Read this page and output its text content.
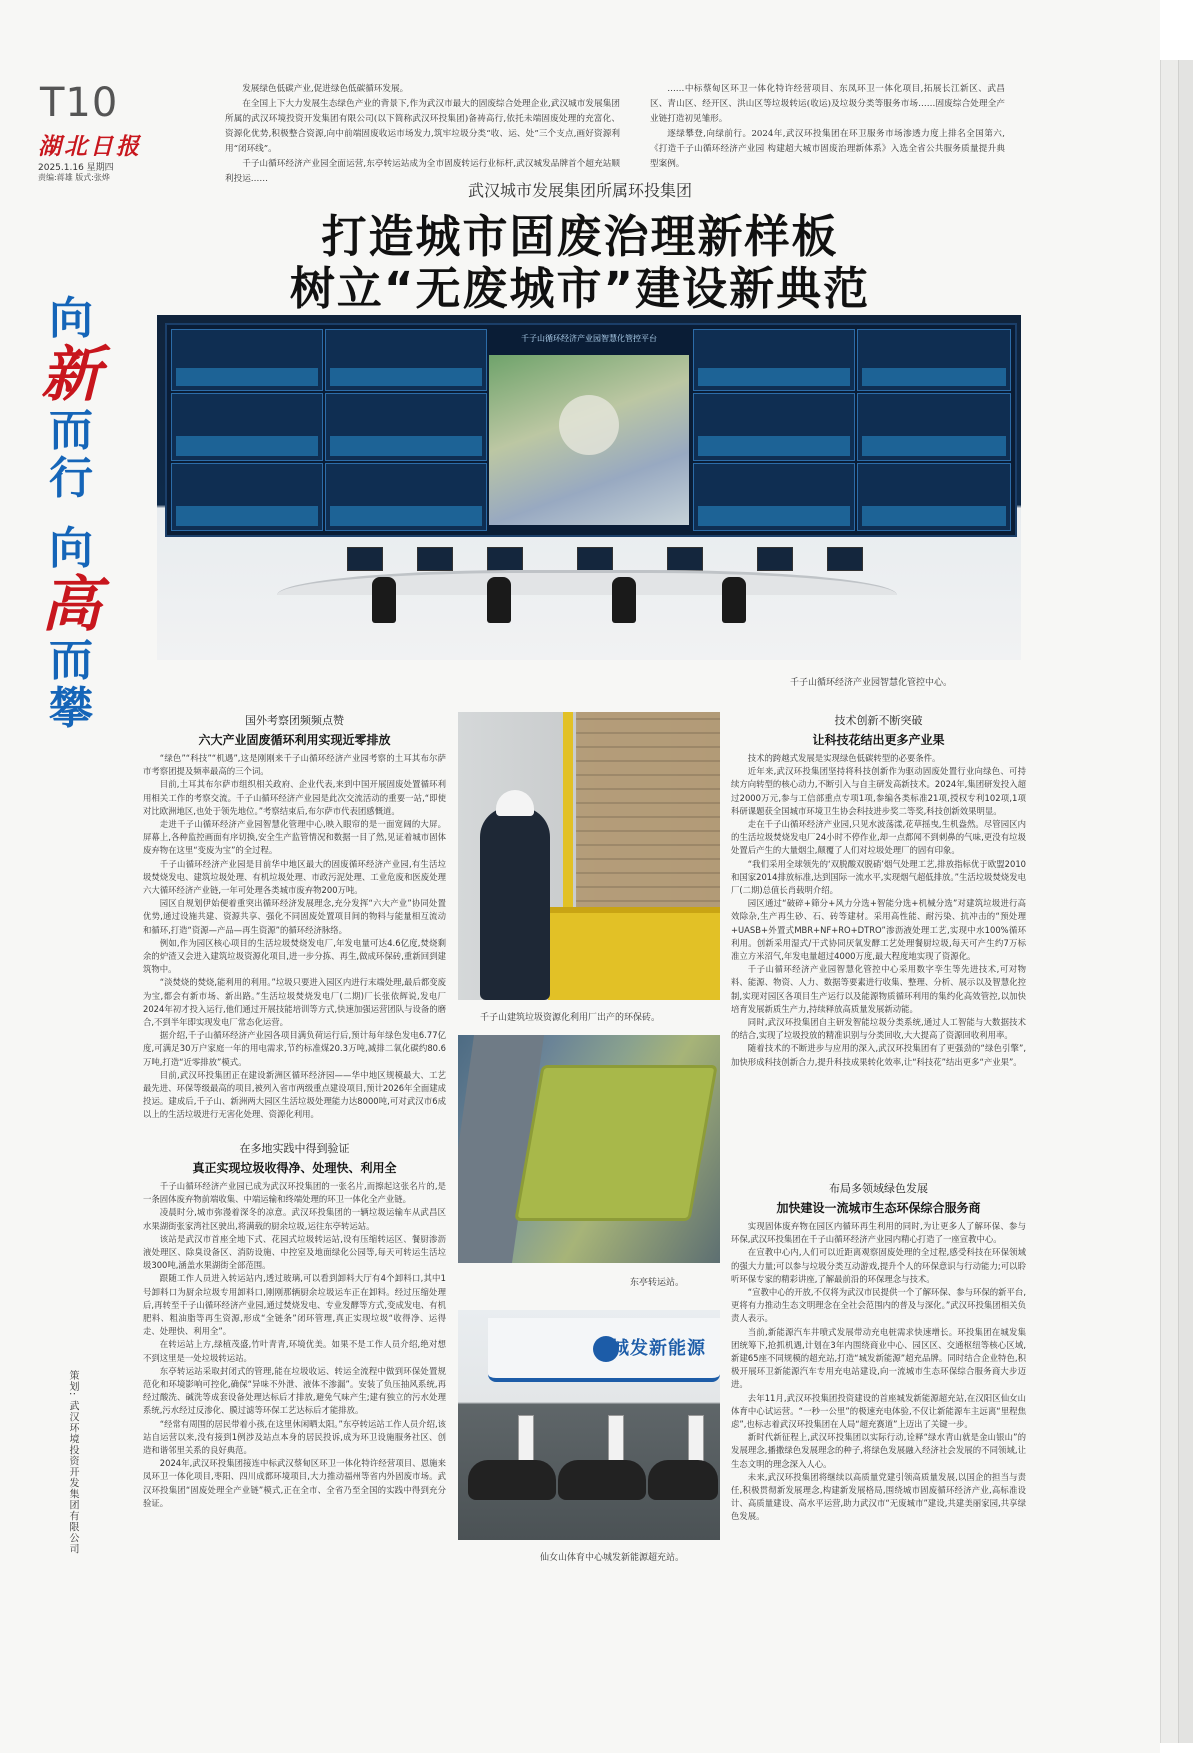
T10
湖北日报
2025.1.16 星期四
责编:蒋雄 版式:张烨
向
新
而
行
向
高
而
攀
策划: 武汉环境投资开发集团有限公司

发展绿色低碳产业,促进绿色低碳循环发展。

在全国上下大力发展生态绿色产业的背景下,作为武汉市最大的固废综合处理企业,武汉城市发展集团所属的武汉环境投资开发集团有限公司(以下简称武汉环投集团)备祷高行,依托未端固废处理的充富化、资源化优势,积极整合资源,向中前端固废收运市场发力,筑牢垃圾分类“收、运、处”三个支点,画好资源利用“闭环线”。

千子山循环经济产业园全面运营,东亭转运站成为全市固废转运行业标杆,武汉城发品牌首个超充站顺利投运……

……中标蔡甸区环卫一体化特许经营项目、东凤环卫一体化项目,拓展长江新区、武昌区、青山区、经开区、洪山区等垃圾转运(收运)及垃圾分类等服务市场……固废综合处理全产业链打造初见雏形。

逐绿攀登,向绿前行。2024年,武汉环投集团在环卫服务市场渗透力度上排名全国第六,《打造千子山循环经济产业园 构建超大城市固废治理新体系》入选全省公共服务质量提升典型案例。

武汉城市发展集团所属环投集团
打造城市固废治理新样板
树立“无废城市”建设新典范
千子山循环经济产业园智慧化管控平台
千子山循环经济产业园智慧化管控中心。
国外考察团频频点赞
六大产业固废循环利用实现近零排放

“绿色”“科技”“机遇”,这是刚刚来千子山循环经济产业园考察的土耳其布尔萨市考察团提及频率最高的三个词。

目前,土耳其布尔萨市组织相关政府、企业代表,来到中国开展固废处置循环利用相关工作的考察交流。千子山循环经济产业园是此次交流活动的重要一站,“即使对比欧洲地区,也处于领先地位。”考察结束后,布尔萨市代表团感慨道。

走进千子山循环经济产业园智慧化管理中心,映入眼帘的是一面宽阔的大屏。屏幕上,各种监控画面有序切换,安全生产监管情况和数据一目了然,见证着城市固体废弃物在这里“变废为宝”的全过程。

千子山循环经济产业园是目前华中地区最大的固废循环经济产业园,有生活垃圾焚烧发电、建筑垃圾处理、有机垃圾处理、市政污泥处理、工业危废和医废处理六大循环经济产业链,一年可处理各类城市废弃物200万吨。

园区自规划伊始便着重突出循环经济发展理念,充分发挥“六大产业”协同处置优势,通过设施共建、资源共享、强化不同固废处置项目间的物料与能量相互流动和循环,打造“资源—产品—再生资源”的循环经济脉络。

例如,作为园区核心项目的生活垃圾焚烧发电厂,年发电量可达4.6亿度,焚烧剩余的炉渣又会进入建筑垃圾资源化项目,进一步分拣、再生,做成环保砖,重新回到建筑物中。

“淡焚烧的焚烧,能利用的利用。”垃圾只要进入园区内进行末端处理,最后都变废为宝,都会有新市场、新出路。”生活垃圾焚烧发电厂(二期)厂长张依辉说,发电厂2024年初才投入运行,他们通过开展技能培训等方式,快速加强运营团队与设备的磨合,不到半年即实现发电厂常态化运营。

据介绍,千子山循环经济产业园各项目满负荷运行后,预计每年绿色发电6.77亿度,可满足30万户家庭一年的用电需求,节约标准煤20.3万吨,减排二氧化碳约80.6万吨,打造“近零排放”模式。

目前,武汉环投集团正在建设新洲区循环经济园——华中地区规模最大、工艺最先进、环保等级最高的项目,被列入省市两级重点建设项目,预计2026年全面建成投运。建成后,千子山、新洲两大园区生活垃圾处理能力达8000吨,可对武汉市6成以上的生活垃圾进行无害化处理、资源化利用。

在多地实践中得到验证
真正实现垃圾收得净、处理快、利用全

千子山循环经济产业园已成为武汉环投集团的一张名片,而擦起这张名片的,是一条固体废弃物前端收集、中端运输和终端处理的环卫一体化全产业链。

凌晨时分,城市弥漫着深冬的凉意。武汉环投集团的一辆垃圾运输车从武昌区水果湖街张家湾社区驶出,将满载的厨余垃圾,运往东亭转运站。

该站是武汉市首座全地下式、花园式垃圾转运站,设有压缩转运区、餐厨渗沥液处理区、除臭设备区、消防设施、中控室及地面绿化公园等,每天可转运生活垃圾300吨,涵盖水果湖街全部范围。

跟随工作人员进入转运站内,透过玻璃,可以看到卸料大厅有4个卸料口,其中1号卸料口为厨余垃圾专用卸料口,刚刚那辆厨余垃圾运车正在卸料。经过压缩处理后,再转至千子山循环经济产业园,通过焚烧发电、专业发酵等方式,变成发电、有机肥料、粗油脂等再生资源,形成“全链条”闭环管理,真正实现垃圾“收得净、运得走、处理快、利用全”。

在转运站上方,绿植茂盛,竹叶青青,环境优美。如果不是工作人员介绍,绝对想不到这里是一处垃圾转运站。

东亭转运站采取封闭式的管理,能在垃圾收运、转运全流程中做到环保处置规范化和环境影响可控化,确保“异味不外泄、液体不渗漏”。安装了负压抽风系统,再经过酸洗、碱洗等成套设备处理达标后才排放,避免气味产生;建有独立的污水处理系统,污水经过反渗化、膜过滤等环保工艺达标后才能排放。

“经常有周围的居民带着小孩,在这里休闲晒太阳。”东亭转运站工作人员介绍,该站自运营以来,没有接到1例涉及站点本身的居民投诉,成为环卫设施服务社区、创造和谐邻里关系的良好典范。

2024年,武汉环投集团接连中标武汉蔡甸区环卫一体化特许经营项目、恩施来凤环卫一体化项目,枣阳、四川成都环境项目,大力推动福州等省内外固废市场。武汉环投集团“固废处理全产业链”模式,正在全市、全省乃至全国的实践中得到充分验证。

千子山建筑垃圾资源化利用厂出产的环保砖。
东亭转运站。
城发新能源
仙女山体育中心城发新能源超充站。
技术创新不断突破
让科技花结出更多产业果

技术的跨越式发展是实现绿色低碳转型的必要条件。

近年来,武汉环投集团坚持将科技创新作为驱动固废处置行业向绿色、可持续方向转型的核心动力,不断引入与自主研发高新技术。2024年,集团研发投入超过2000万元,参与工信部重点专项1项,参编各类标准21项,授权专利102项,1项科研课题获全国城市环境卫生协会科技进步奖二等奖,科技创新效果明显。

走在千子山循环经济产业园,只见水波荡漾,花草摇曳,生机盎然。尽管园区内的生活垃圾焚烧发电厂24小时不停作业,却一点都闻不到刺鼻的气味,更没有垃圾处置后产生的大量烟尘,颠覆了人们对垃圾处理厂的固有印象。

“我们采用全球领先的‘双脱酸双脱硝’烟气处理工艺,排放指标优于欧盟2010和国家2014排放标准,达到国际一流水平,实现烟气超低排放。”生活垃圾焚烧发电厂(二期)总值长肖载明介绍。

园区通过“破碎+筛分+风力分选+智能分选+机械分选”对建筑垃圾进行高效除杂,生产再生砂、石、砖等建材。采用高性能、耐污染、抗冲击的“预处理+UASB+外置式MBR+NF+RO+DTRO”渗沥液处理工艺,实现中水100%循环利用。创新采用湿式/干式协同厌氧发酵工艺处理餐厨垃圾,每天可产生约7万标准立方米沼气,年发电量超过4000万度,最大程度地实现了资源化。

千子山循环经济产业园智慧化管控中心采用数字孪生等先进技术,可对物料、能源、物资、人力、数据等要素进行收集、整理、分析、展示以及智慧化控制,实现对园区各项目生产运行以及能源物质循环利用的集约化高效管控,以加快培育发展新质生产力,持续释放高质量发展新动能。

同时,武汉环投集团自主研发智能垃圾分类系统,通过人工智能与大数据技术的结合,实现了垃圾投放的精准识别与分类回收,大大提高了资源回收利用率。

随着技术的不断进步与应用的深入,武汉环投集团有了更强劲的“绿色引擎”,加快形成科技创新合力,提升科技成果转化效率,让“科技花”结出更多“产业果”。

布局多领域绿色发展
加快建设一流城市生态环保综合服务商

实现固体废弃物在园区内循环再生利用的同时,为让更多人了解环保、参与环保,武汉环投集团在千子山循环经济产业园内精心打造了一座宣教中心。

在宣教中心内,人们可以近距离观察固废处理的全过程,感受科技在环保领域的强大力量;可以参与垃圾分类互动游戏,提升个人的环保意识与行动能力;可以聆听环保专家的精彩讲座,了解最前沿的环保理念与技术。

“宣教中心的开放,不仅将为武汉市民提供一个了解环保、参与环保的新平台,更将有力推动生态文明理念在全社会范围内的普及与深化。”武汉环投集团相关负责人表示。

当前,新能源汽车井喷式发展带动充电桩需求快速增长。环投集团在城发集团统筹下,抢抓机遇,计划在3年内围绕商业中心、园区区、交通枢纽等核心区域,新建65座不同规模的超充站,打造“城发新能源”超充品牌。同时结合企业特色,积极开展环卫新能源汽车专用充电站建设,向一流城市生态环保综合服务商大步迈进。

去年11月,武汉环投集团投资建设的首座城发新能源超充站,在汉阳区仙女山体育中心试运营。“一秒一公里”的极速充电体验,不仅让新能源车主远离“里程焦虑”,也标志着武汉环投集团在人局“超充赛道”上迈出了关键一步。

新时代新征程上,武汉环投集团以实际行动,诠释“绿水青山就是金山银山”的发展理念,播撒绿色发展理念的种子,将绿色发展融入经济社会发展的不同领域,让生态文明的理念深入人心。

未来,武汉环投集团将继续以高质量党建引领高质量发展,以国企的担当与责任,积极贯彻新发展理念,构建新发展格局,围绕城市固废循环经济产业,高标准设计、高质量建设、高水平运营,助力武汉市“无废城市”建设,共建美丽家园,共享绿色发展。
